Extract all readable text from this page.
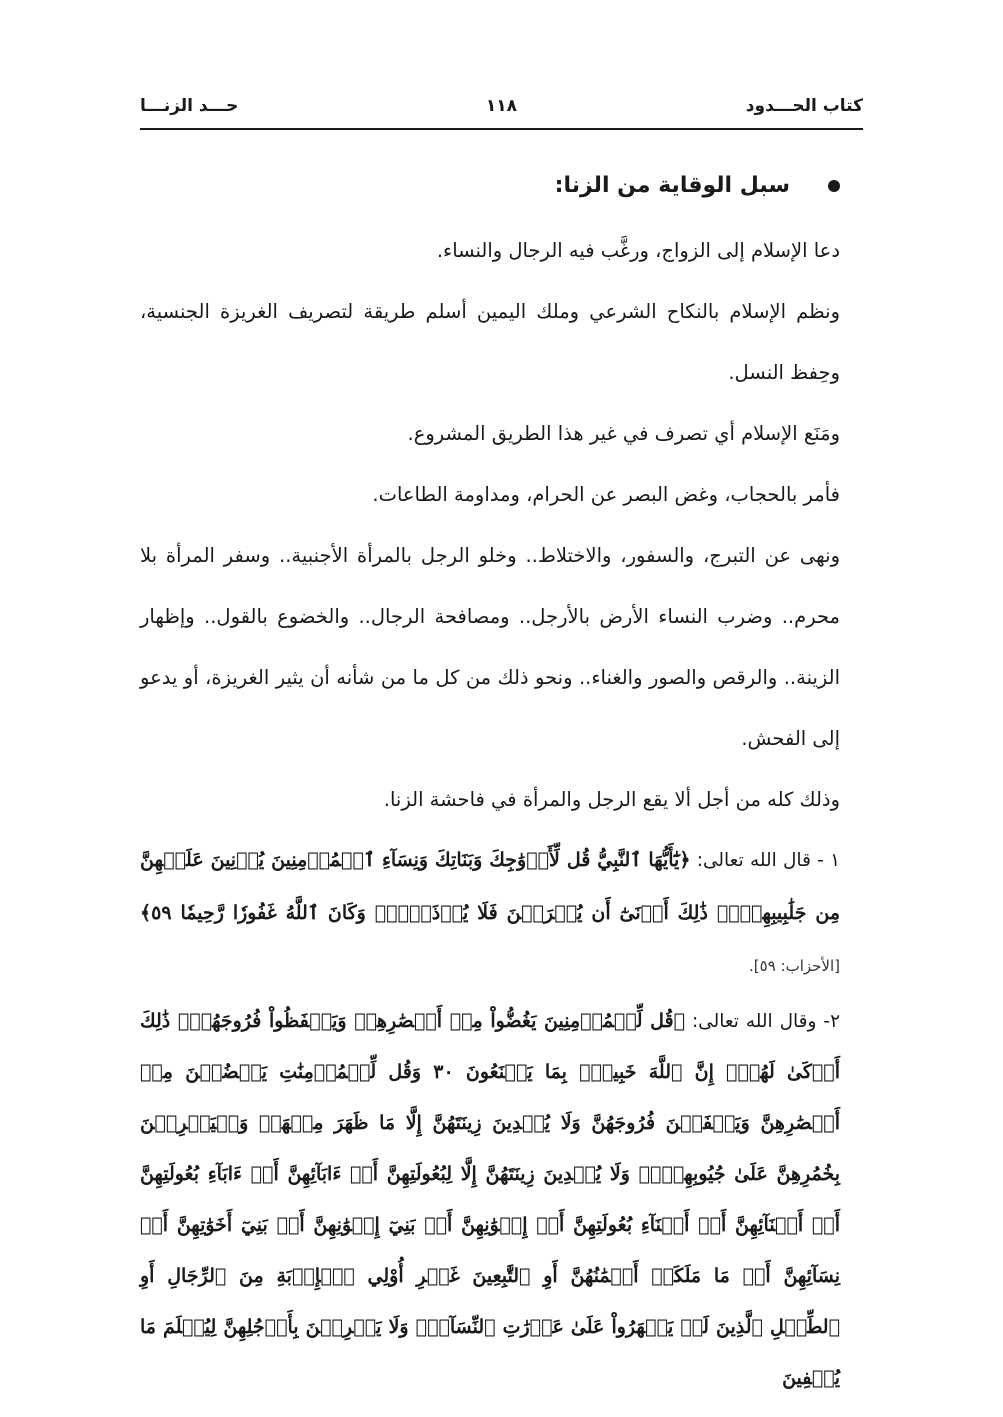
كتاب الحـــدود
١١٨
حـــد الزنـــا
سبل الوقاية من الزنا:

دعا الإسلام إلى الزواج، ورغَّب فيه الرجال والنساء.

ونظم الإسلام بالنكاح الشرعي وملك اليمين أسلم طريقة لتصريف الغريزة الجنسية، وحِفظ النسل.

ومَنَع الإسلام أي تصرف في غير هذا الطريق المشروع.

فأمر بالحجاب، وغض البصر عن الحرام، ومداومة الطاعات.

ونهى عن التبرج، والسفور، والاختلاط.. وخلو الرجل بالمرأة الأجنبية.. وسفر المرأة بلا محرم.. وضرب النساء الأرض بالأرجل.. ومصافحة الرجال.. والخضوع بالقول.. وإظهار الزينة.. والرقص والصور والغناء.. ونحو ذلك من كل ما من شأنه أن يثير الغريزة، أو يدعو إلى الفحش.

وذلك كله من أجل ألا يقع الرجل والمرأة في فاحشة الزنا.

١ - قال الله تعالى: ﴿يَٰٓأَيُّهَا ٱلنَّبِيُّ قُل لِّأَزۡوَٰجِكَ وَبَنَاتِكَ وَنِسَآءِ ٱلۡمُؤۡمِنِينَ يُدۡنِينَ عَلَيۡهِنَّ مِن جَلَٰبِيبِهِنَّۚ ذَٰلِكَ أَدۡنَىٰٓ أَن يُعۡرَفۡنَ فَلَا يُؤۡذَيۡنَۗ وَكَانَ ٱللَّهُ غَفُورٗا رَّحِيمٗا ٥٩﴾ [الأحزاب: ٥٩].

٢- وقال الله تعالى: ﴿قُل لِّلۡمُؤۡمِنِينَ يَغُضُّواْ مِنۡ أَبۡصَٰرِهِمۡ وَيَحۡفَظُواْ فُرُوجَهُمۡۚ ذَٰلِكَ أَزۡكَىٰ لَهُمۡۗ إِنَّ ٱللَّهَ خَبِيرُۢ بِمَا يَصۡنَعُونَ ٣٠ وَقُل لِّلۡمُؤۡمِنَٰتِ يَغۡضُضۡنَ مِنۡ أَبۡصَٰرِهِنَّ وَيَحۡفَظۡنَ فُرُوجَهُنَّ وَلَا يُبۡدِينَ زِينَتَهُنَّ إِلَّا مَا ظَهَرَ مِنۡهَاۖ وَلۡيَضۡرِبۡنَ بِخُمُرِهِنَّ عَلَىٰ جُيُوبِهِنَّۖ وَلَا يُبۡدِينَ زِينَتَهُنَّ إِلَّا لِبُعُولَتِهِنَّ أَوۡ ءَابَآئِهِنَّ أَوۡ ءَابَآءِ بُعُولَتِهِنَّ أَوۡ أَبۡنَآئِهِنَّ أَوۡ أَبۡنَآءِ بُعُولَتِهِنَّ أَوۡ إِخۡوَٰنِهِنَّ أَوۡ بَنِيٓ إِخۡوَٰنِهِنَّ أَوۡ بَنِيٓ أَخَوَٰتِهِنَّ أَوۡ نِسَآئِهِنَّ أَوۡ مَا مَلَكَتۡ أَيۡمَٰنُهُنَّ أَوِ ٱلتَّٰبِعِينَ غَيۡرِ أُوْلِي ٱلۡإِرۡبَةِ مِنَ ٱلرِّجَالِ أَوِ ٱلطِّفۡلِ ٱلَّذِينَ لَمۡ يَظۡهَرُواْ عَلَىٰ عَوۡرَٰتِ ٱلنِّسَآءِۖ وَلَا يَضۡرِبۡنَ بِأَرۡجُلِهِنَّ لِيُعۡلَمَ مَا يُخۡفِينَ
